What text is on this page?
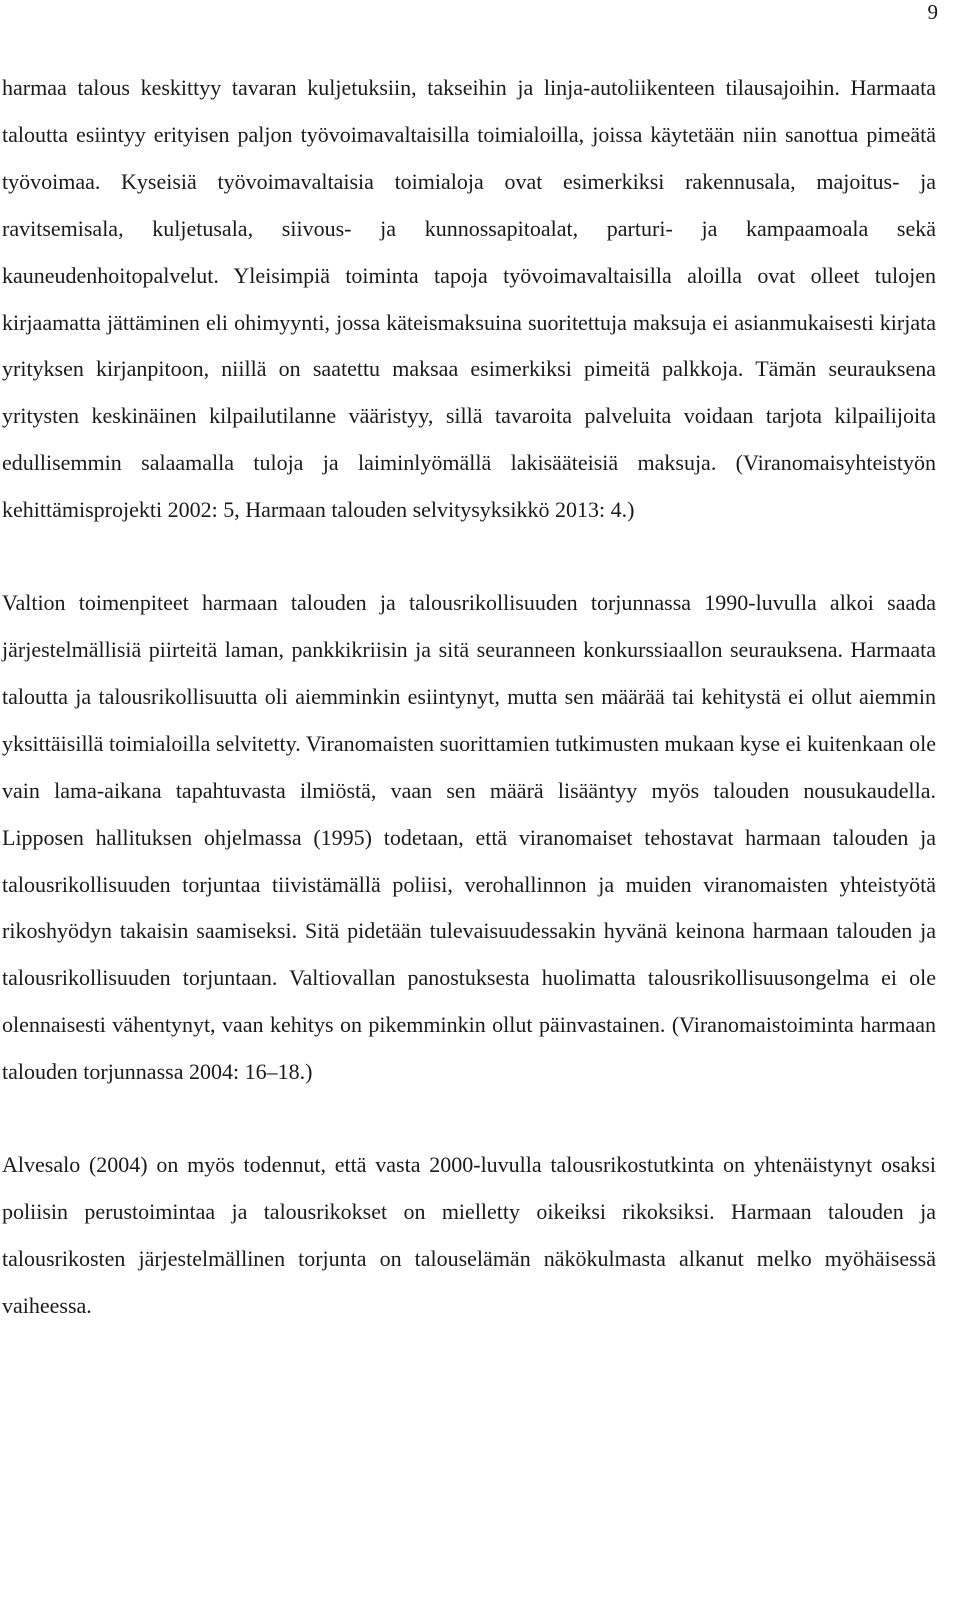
9

harmaa talous keskittyy tavaran kuljetuksiin, takseihin ja linja-autoliikenteen tilausajoihin. Harmaata taloutta esiintyy erityisen paljon työvoimavaltaisilla toimialoilla, joissa käytetään niin sanottua pimeätä työvoimaa. Kyseisiä työvoimavaltaisia toimialoja ovat esimerkiksi rakennusala, majoitus- ja ravitsemisala, kuljetusala, siivous- ja kunnossapitoalat, parturi- ja kampaamoala sekä kauneudenhoitopalvelut. Yleisimpiä toiminta tapoja työvoimavaltaisilla aloilla ovat olleet tulojen kirjaamatta jättäminen eli ohimyynti, jossa käteismaksuina suoritettuja maksuja ei asianmukaisesti kirjata yrityksen kirjanpitoon, niillä on saatettu maksaa esimerkiksi pimeitä palkkoja. Tämän seurauksena yritysten keskinäinen kilpailutilanne vääristyy, sillä tavaroita palveluita voidaan tarjota kilpailijoita edullisemmin salaamalla tuloja ja laiminlyömällä lakisääteisiä maksuja. (Viranomaisyhteistyön kehittämisprojekti 2002: 5, Harmaan talouden selvitysyksikkö 2013: 4.)

Valtion toimenpiteet harmaan talouden ja talousrikollisuuden torjunnassa 1990-luvulla alkoi saada järjestelmällisiä piirteitä laman, pankkikriisin ja sitä seuranneen konkurssiaallon seurauksena. Harmaata taloutta ja talousrikollisuutta oli aiemminkin esiintynyt, mutta sen määrää tai kehitystä ei ollut aiemmin yksittäisillä toimialoilla selvitetty. Viranomaisten suorittamien tutkimusten mukaan kyse ei kuitenkaan ole vain lama-aikana tapahtuvasta ilmiöstä, vaan sen määrä lisääntyy myös talouden nousukaudella. Lipposen hallituksen ohjelmassa (1995) todetaan, että viranomaiset tehostavat harmaan talouden ja talousrikollisuuden torjuntaa tiivistämällä poliisi, verohallinnon ja muiden viranomaisten yhteistyötä rikoshyödyn takaisin saamiseksi. Sitä pidetään tulevaisuudessakin hyvänä keinona harmaan talouden ja talousrikollisuuden torjuntaan. Valtiovallan panostuksesta huolimatta talousrikollisuusongelma ei ole olennaisesti vähentynyt, vaan kehitys on pikemminkin ollut päinvastainen. (Viranomaistoiminta harmaan talouden torjunnassa 2004: 16–18.)

Alvesalo (2004) on myös todennut, että vasta 2000-luvulla talousrikostutkinta on yhtenäistynyt osaksi poliisin perustoimintaa ja talousrikokset on mielletty oikeiksi rikoksiksi. Harmaan talouden ja talousrikosten järjestelmällinen torjunta on talouselämän näkökulmasta alkanut melko myöhäisessä vaiheessa.
